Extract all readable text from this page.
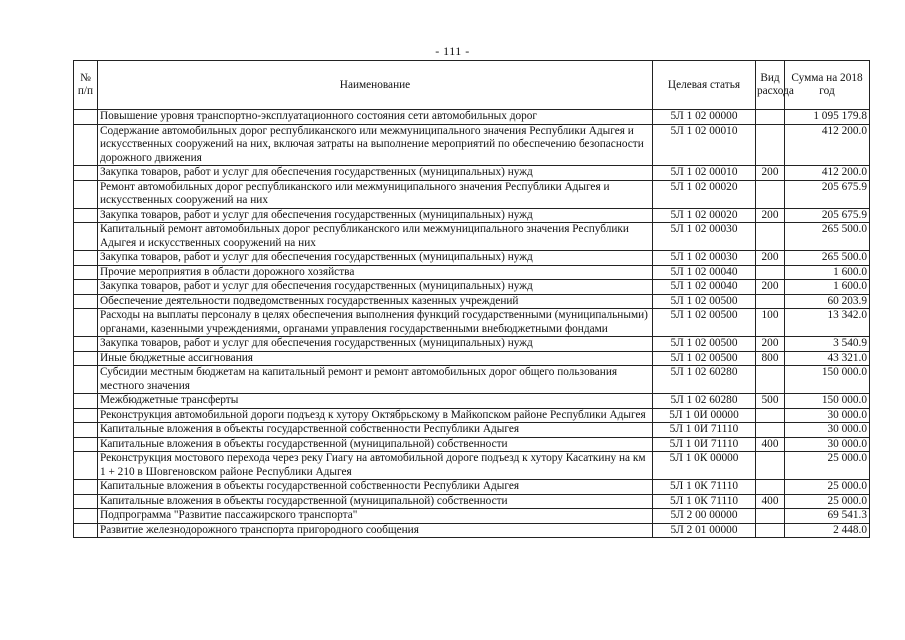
- 111 -
№ п/п	Наименование	Целевая статья	Вид расхода	Сумма на 2018 год
	Повышение уровня транспортно-эксплуатационного состояния сети автомобильных дорог	5Л 1 02 00000		1 095 179.8
	Содержание автомобильных дорог республиканского или межмуниципального значения Республики Адыгея и искусственных сооружений на них, включая затраты на выполнение мероприятий по обеспечению безопасности дорожного движения	5Л 1 02 00010		412 200.0
	Закупка товаров, работ и услуг для обеспечения государственных (муниципальных) нужд	5Л 1 02 00010	200	412 200.0
	Ремонт автомобильных дорог республиканского или межмуниципального значения Республики Адыгея и искусственных сооружений на них	5Л 1 02 00020		205 675.9
	Закупка товаров, работ и услуг для обеспечения государственных (муниципальных) нужд	5Л 1 02 00020	200	205 675.9
	Капитальный ремонт автомобильных дорог республиканского или межмуниципального значения Республики Адыгея и искусственных сооружений на них	5Л 1 02 00030		265 500.0
	Закупка товаров, работ и услуг для обеспечения государственных (муниципальных) нужд	5Л 1 02 00030	200	265 500.0
	Прочие мероприятия в области дорожного хозяйства	5Л 1 02 00040		1 600.0
	Закупка товаров, работ и услуг для обеспечения государственных (муниципальных) нужд	5Л 1 02 00040	200	1 600.0
	Обеспечение деятельности подведомственных государственных казенных учреждений	5Л 1 02 00500		60 203.9
	Расходы на выплаты персоналу в целях обеспечения выполнения функций государственными (муниципальными) органами, казенными учреждениями, органами управления государственными внебюджетными фондами	5Л 1 02 00500	100	13 342.0
	Закупка товаров, работ и услуг для обеспечения государственных (муниципальных) нужд	5Л 1 02 00500	200	3 540.9
	Иные бюджетные ассигнования	5Л 1 02 00500	800	43 321.0
	Субсидии местным бюджетам на капитальный ремонт и ремонт автомобильных дорог общего пользования местного значения	5Л 1 02 60280		150 000.0
	Межбюджетные трансферты	5Л 1 02 60280	500	150 000.0
	Реконструкция автомобильной дороги подъезд к хутору Октябрьскому в Майкопском районе Республики Адыгея	5Л 1 0И 00000		30 000.0
	Капитальные вложения в объекты государственной собственности Республики Адыгея	5Л 1 0И 71110		30 000.0
	Капитальные вложения в объекты государственной (муниципальной) собственности	5Л 1 0И 71110	400	30 000.0
	Реконструкция мостового перехода через реку Гиагу на автомобильной дороге подъезд к хутору Касаткину на км 1 + 210 в Шовгеновском районе Республики Адыгея	5Л 1 0К 00000		25 000.0
	Капитальные вложения в объекты государственной собственности Республики Адыгея	5Л 1 0К 71110		25 000.0
	Капитальные вложения в объекты государственной (муниципальной) собственности	5Л 1 0К 71110	400	25 000.0
	Подпрограмма "Развитие пассажирского транспорта"	5Л 2 00 00000		69 541.3
	Развитие железнодорожного транспорта пригородного сообщения	5Л 2 01 00000		2 448.0
